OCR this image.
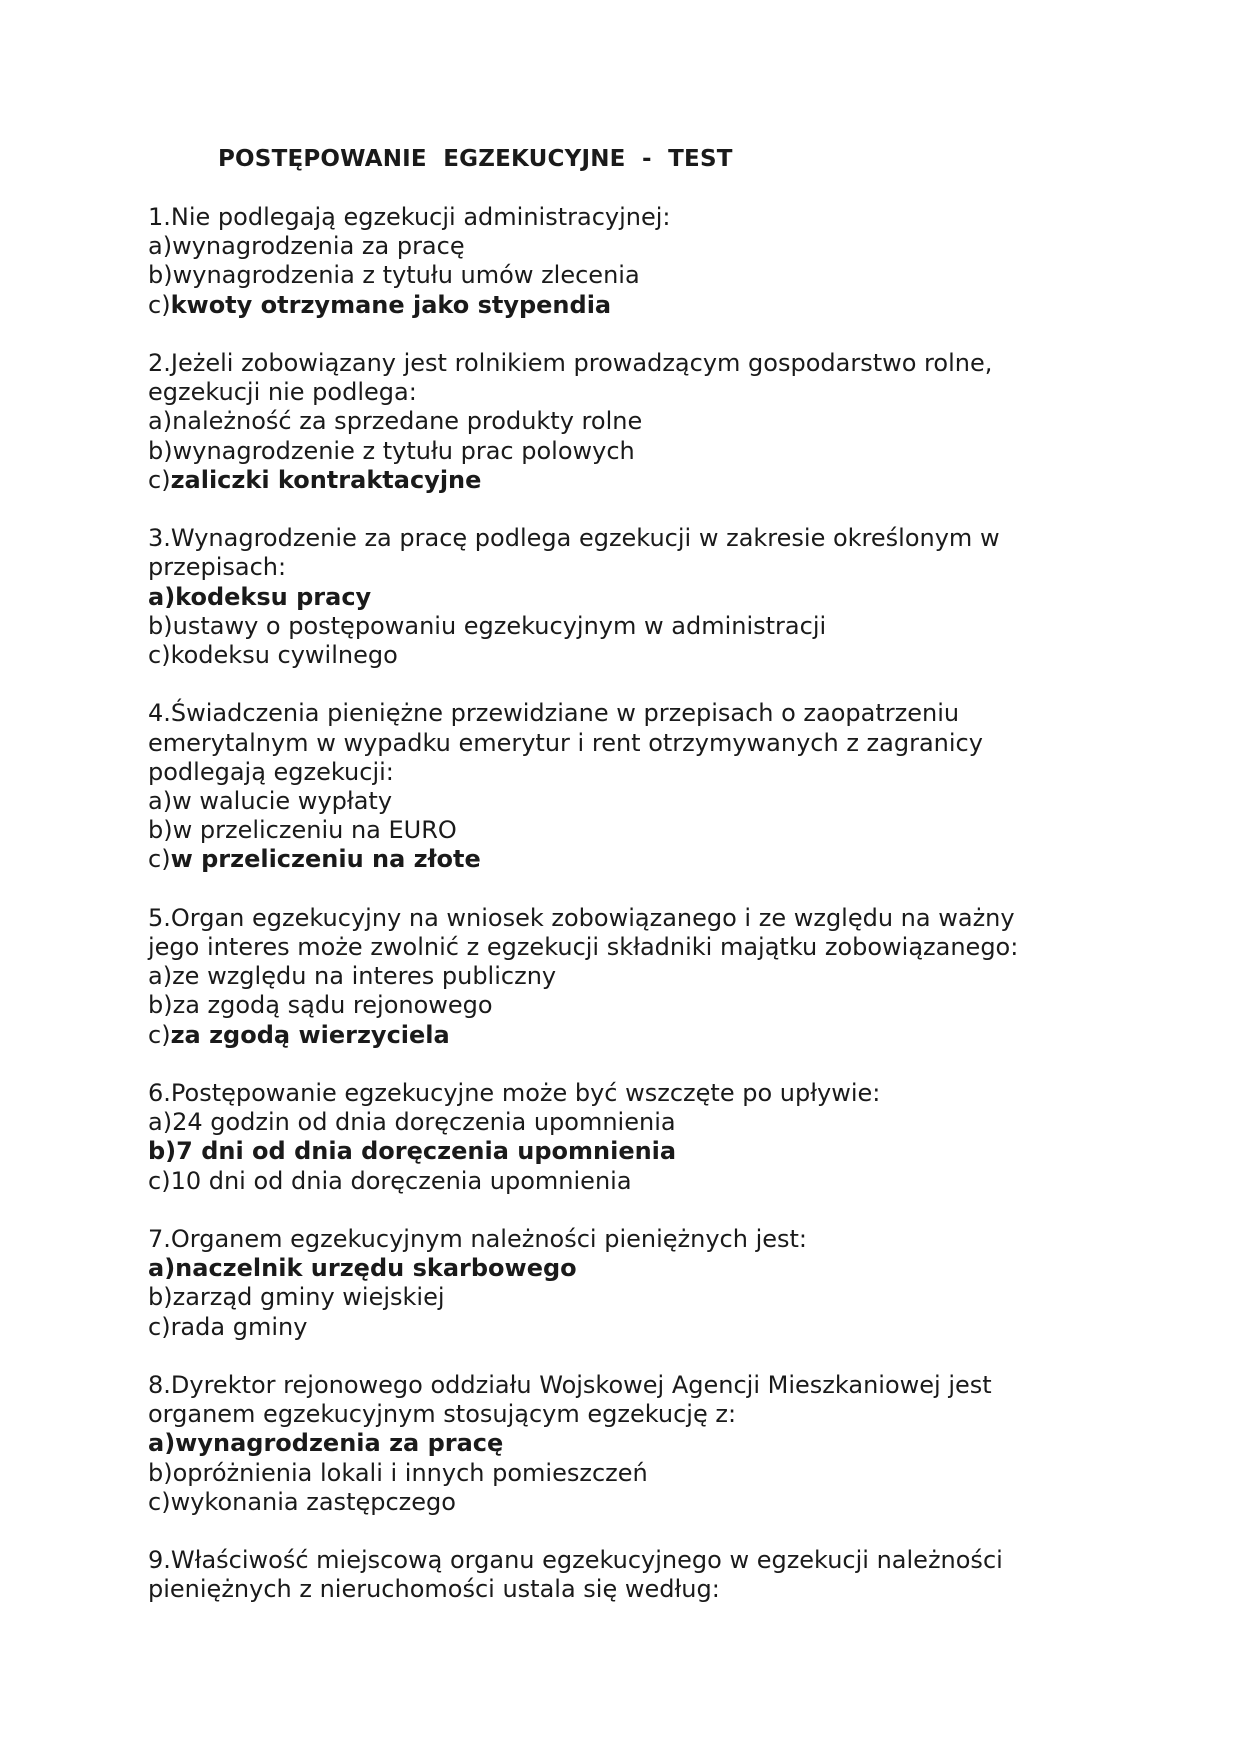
POSTĘPOWANIE  EGZEKUCYJNE  -  TEST
1.Nie podlegają egzekucji administracyjnej:
a)wynagrodzenia za pracę
b)wynagrodzenia z tytułu umów zlecenia
c)kwoty otrzymane jako stypendia
2.Jeżeli zobowiązany jest rolnikiem prowadzącym gospodarstwo rolne,
egzekucji nie podlega:
a)należność za sprzedane produkty rolne
b)wynagrodzenie z tytułu prac polowych
c)zaliczki kontraktacyjne
3.Wynagrodzenie za pracę podlega egzekucji w zakresie określonym w
przepisach:
a)kodeksu pracy
b)ustawy o postępowaniu egzekucyjnym w administracji
c)kodeksu cywilnego
4.Świadczenia pieniężne przewidziane w przepisach o zaopatrzeniu
emerytalnym w wypadku emerytur i rent otrzymywanych z zagranicy
podlegają egzekucji:
a)w walucie wypłaty
b)w przeliczeniu na EURO
c)w przeliczeniu na złote
5.Organ egzekucyjny na wniosek zobowiązanego i ze względu na ważny
jego interes może zwolnić z egzekucji składniki majątku zobowiązanego:
a)ze względu na interes publiczny
b)za zgodą sądu rejonowego
c)za zgodą wierzyciela
6.Postępowanie egzekucyjne może być wszczęte po upływie:
a)24 godzin od dnia doręczenia upomnienia
b)7 dni od dnia doręczenia upomnienia
c)10 dni od dnia doręczenia upomnienia
7.Organem egzekucyjnym należności pieniężnych jest:
a)naczelnik urzędu skarbowego
b)zarząd gminy wiejskiej
c)rada gminy
8.Dyrektor rejonowego oddziału Wojskowej Agencji Mieszkaniowej jest
organem egzekucyjnym stosującym egzekucję z:
a)wynagrodzenia za pracę
b)opróżnienia lokali i innych pomieszczeń
c)wykonania zastępczego
9.Właściwość miejscową organu egzekucyjnego w egzekucji należności
pieniężnych z nieruchomości ustala się według:
